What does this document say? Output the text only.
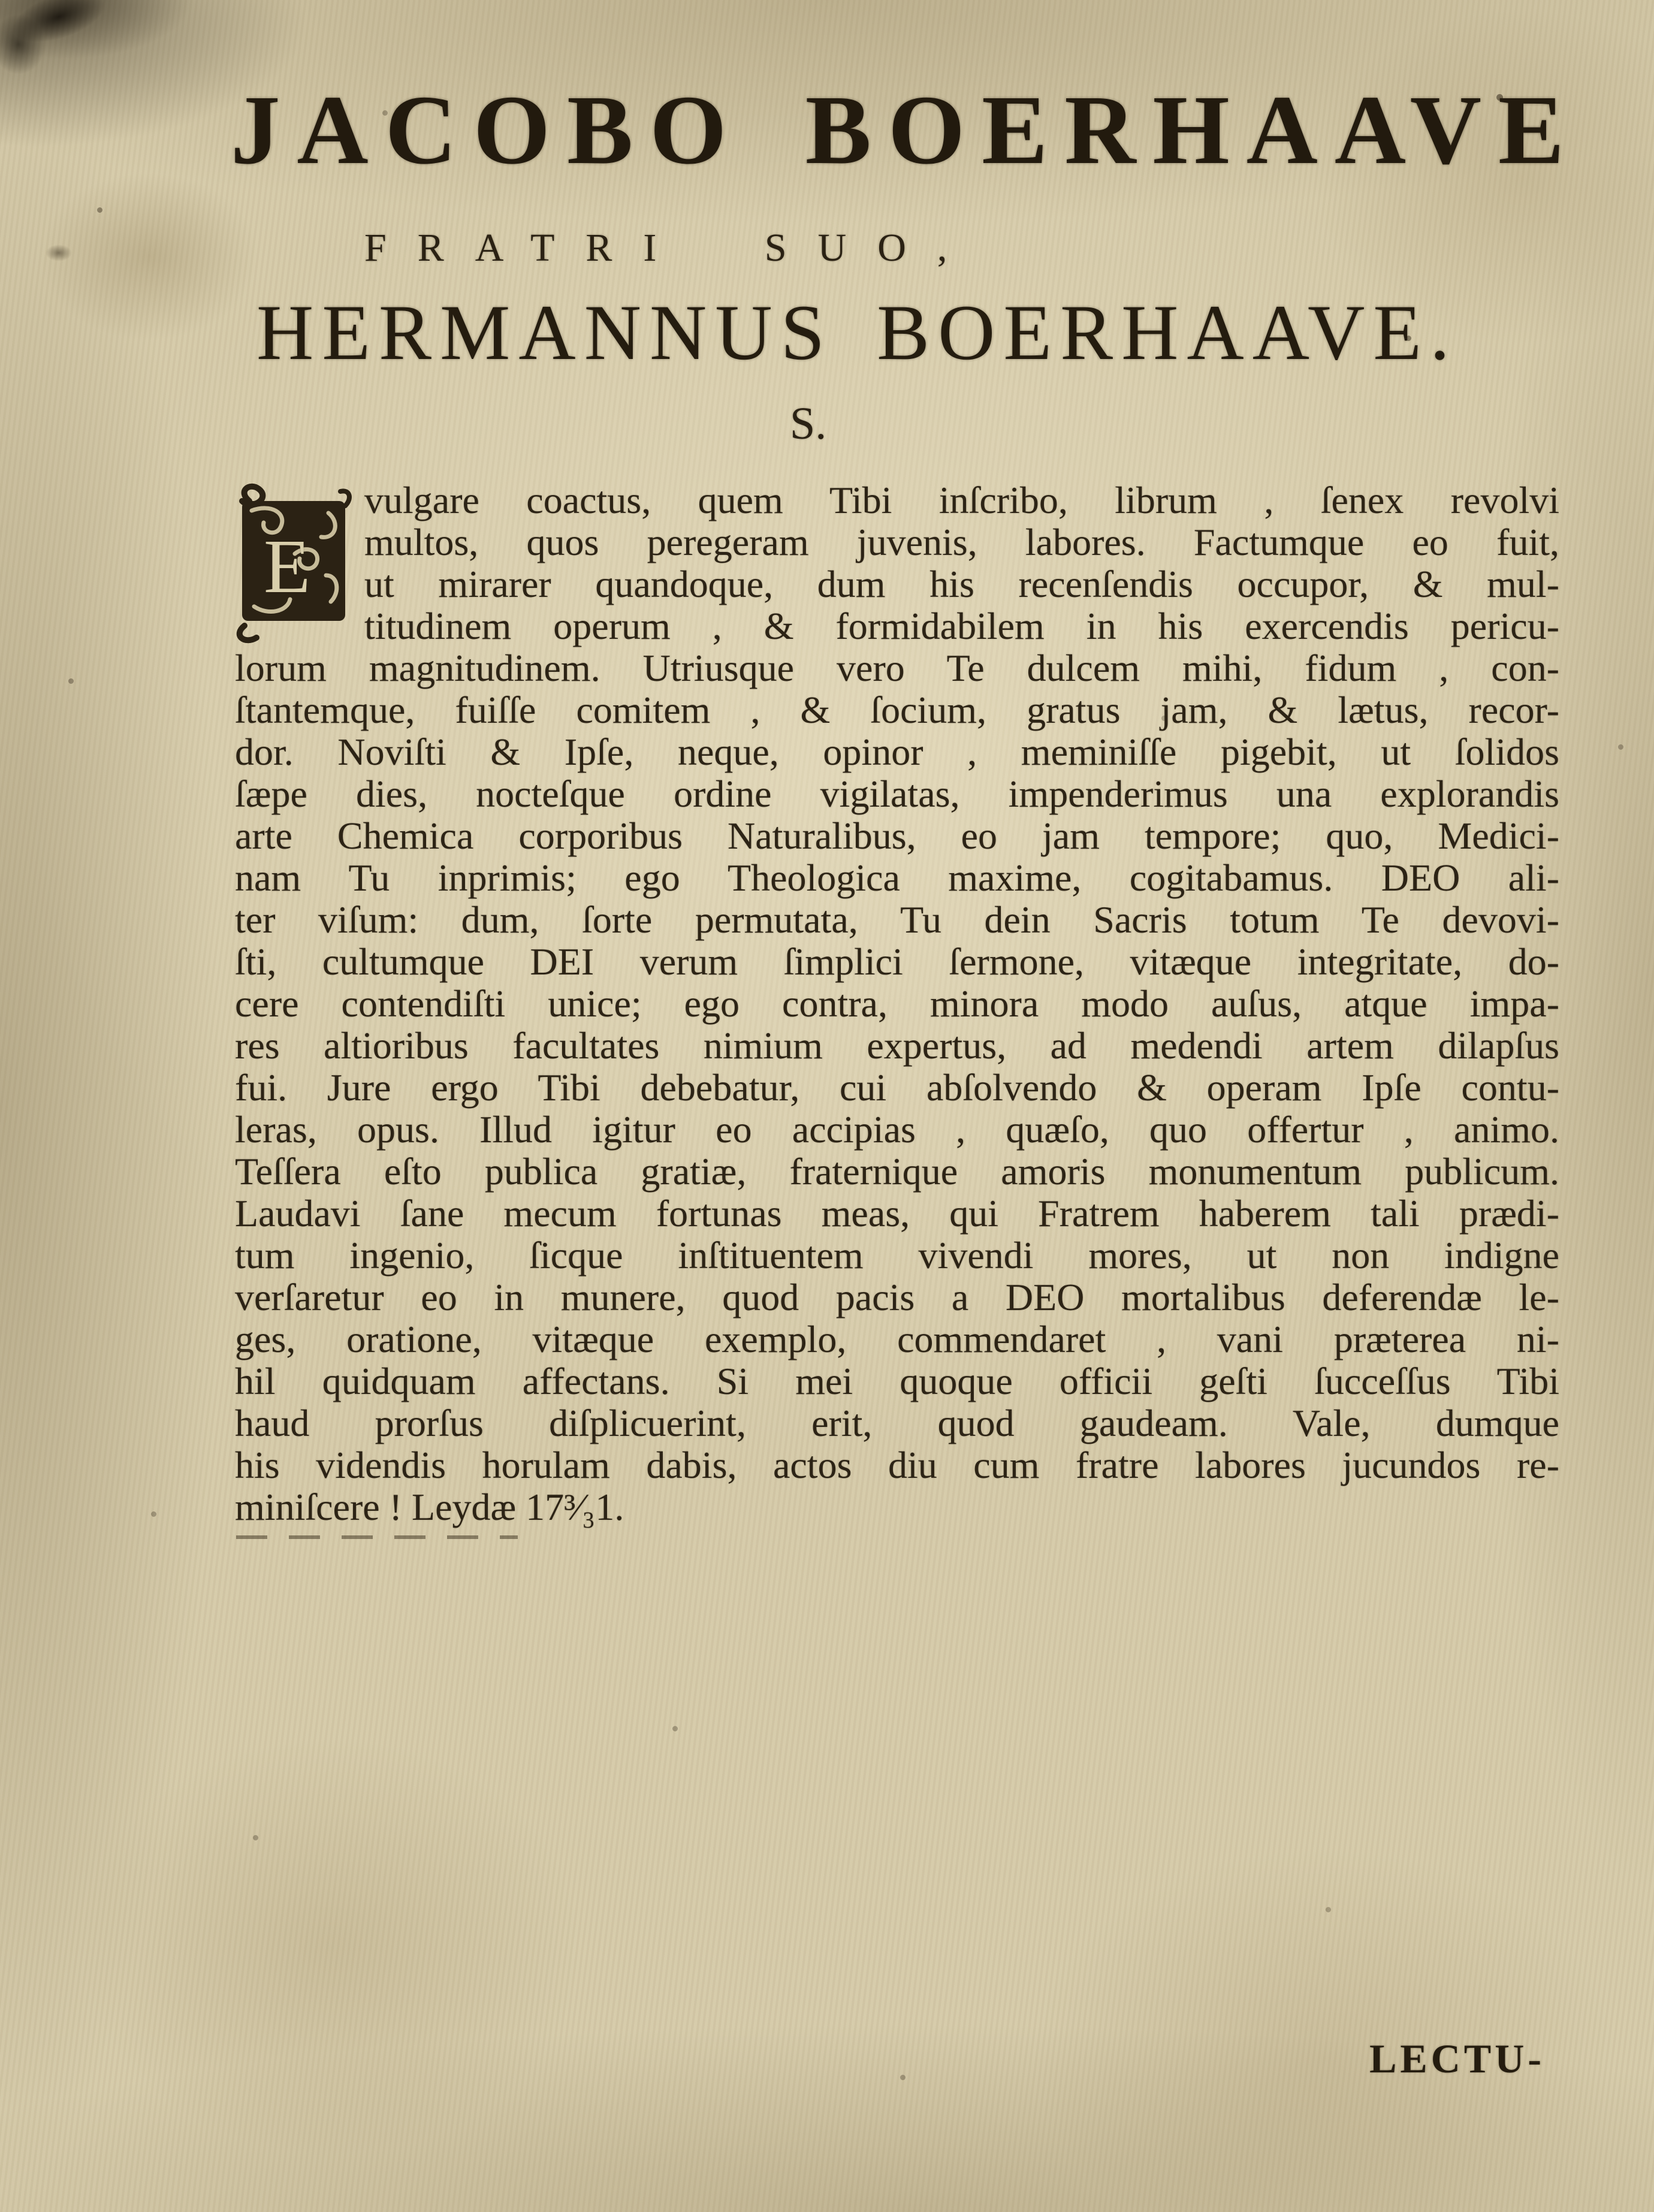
JACOBO BOERHAAVE
FRATRI SUO,
HERMANNUS BOERHAAVE.
S.
E
vulgare coactus, quem Tibi inſcribo, librum , ſenex revolvi
multos, quos peregeram juvenis, labores. Factumque eo fuit,
ut mirarer quandoque, dum his recenſendis occupor, & mul-
titudinem operum , & formidabilem in his exercendis pericu-
lorum magnitudinem. Utriusque vero Te dulcem mihi, fidum , con-
ſtantemque, fuiſſe comitem , & ſocium, gratus jam, & lætus, recor-
dor. Noviſti & Ipſe, neque, opinor , meminiſſe pigebit, ut ſolidos
ſæpe dies, nocteſque ordine vigilatas, impenderimus una explorandis
arte Chemica corporibus Naturalibus, eo jam tempore; quo, Medici-
nam Tu inprimis; ego Theologica maxime, cogitabamus. DEO ali-
ter viſum: dum, ſorte permutata, Tu dein Sacris totum Te devovi-
ſti, cultumque DEI verum ſimplici ſermone, vitæque integritate, do-
cere contendiſti unice; ego contra, minora modo auſus, atque impa-
res altioribus facultates nimium expertus, ad medendi artem dilapſus
fui. Jure ergo Tibi debebatur, cui abſolvendo & operam Ipſe contu-
leras, opus. Illud igitur eo accipias , quæſo, quo offertur , animo.
Teſſera eſto publica gratiæ, fraternique amoris monumentum publicum.
Laudavi ſane mecum fortunas meas, qui Fratrem haberem tali prædi-
tum ingenio, ſicque inſtituentem vivendi mores, ut non indigne
verſaretur eo in munere, quod pacis a DEO mortalibus deferendæ le-
ges, oratione, vitæque exemplo, commendaret , vani præterea ni-
hil quidquam affectans. Si mei quoque officii geſti ſucceſſus Tibi
haud prorſus diſplicuerint, erit, quod gaudeam. Vale, dumque
his videndis horulam dabis, actos diu cum fratre labores jucundos re-
miniſcere ! Leydæ 17³⁄₃1.
LECTU-
